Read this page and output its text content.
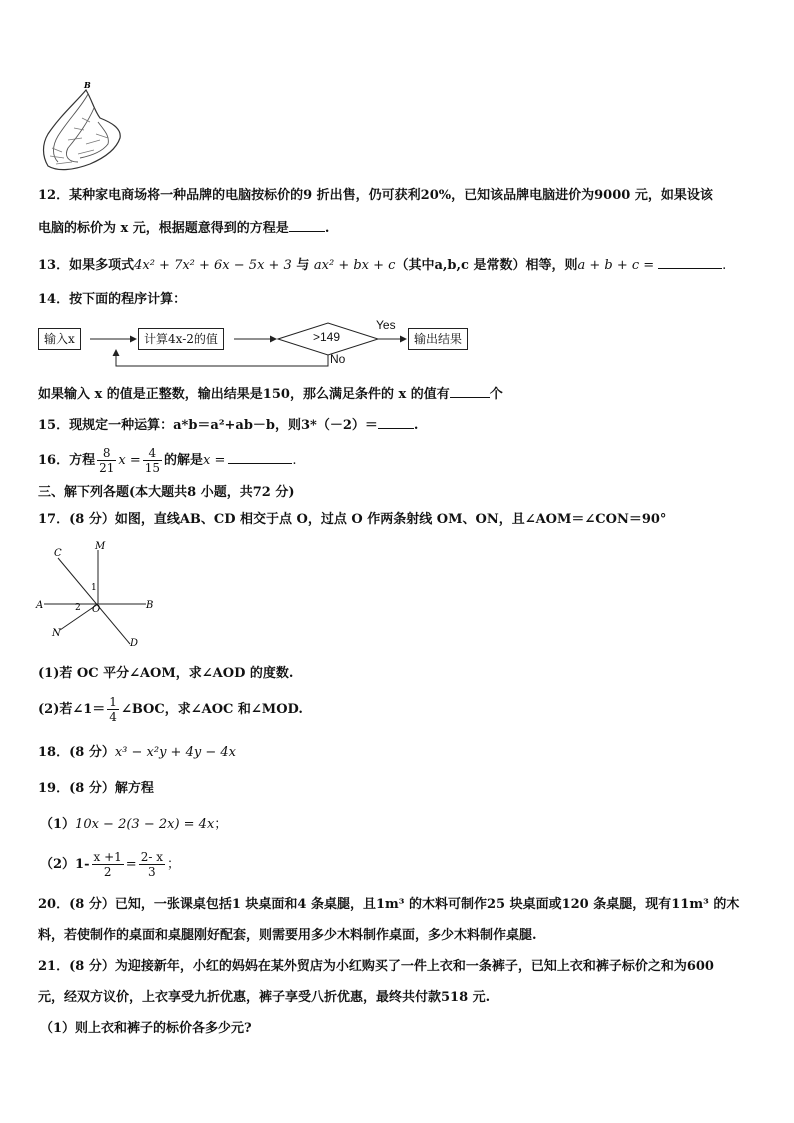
B
12．某种家电商场将一种品牌的电脑按标价的9 折出售，仍可获利20%，已知该品牌电脑进价为9000 元，如果设该
电脑的标价为 x 元，根据题意得到的方程是	.
13．如果多项式4x² + 7x² + 6x − 5x + 3 与 ax² + bx + c（其中a,b,c 是常数）相等，则a + b + c =	.
14．按下面的程序计算：
输入x	计算4x-2的值	>149
Yes
No
输出结果
如果输入 x 的值是正整数，输出结果是150，那么满足条件的 x 的值有	个
15．现规定一种运算：a*b＝a²+ab－b，则3*（－2）＝	.
16．方程 $\frac{8}{21}$ $x = \frac{4}{15}$ 的解是x =	.
三、解下列各题(本大题共8 小题，共72 分)
17．(8 分）如图，直线AB、CD 相交于点 O，过点 O 作两条射线 OM、ON，且∠AOM＝∠CON＝90°
C
M
A	B
N
D
O
1
2
(1)若 OC 平分∠AOM，求∠AOD 的度数.
(2)若∠1＝ $\frac{1}{4}$ ∠BOC，求∠AOC 和∠MOD.
18．(8 分）x³ − x²y + 4y − 4x
19．(8 分）解方程
（1）10x − 2(3 − 2x) = 4x；
$(2)1- \frac{x +1}{2} = \frac{2- x}{3}$ ；
20．(8 分）已知，一张课桌包括1 块桌面和4 条桌腿，且1m³ 的木料可制作25 块桌面或120 条桌腿，现有11m³ 的木
料，若使制作的桌面和桌腿刚好配套，则需要用多少木料制作桌面，多少木料制作桌腿.
21．(8 分）为迎接新年，小红的妈妈在某外贸店为小红购买了一件上衣和一条裤子，已知上衣和裤子标价之和为600
元，经双方议价，上衣享受九折优惠，裤子享受八折优惠，最终共付款518 元.
（1）则上衣和裤子的标价各多少元?
